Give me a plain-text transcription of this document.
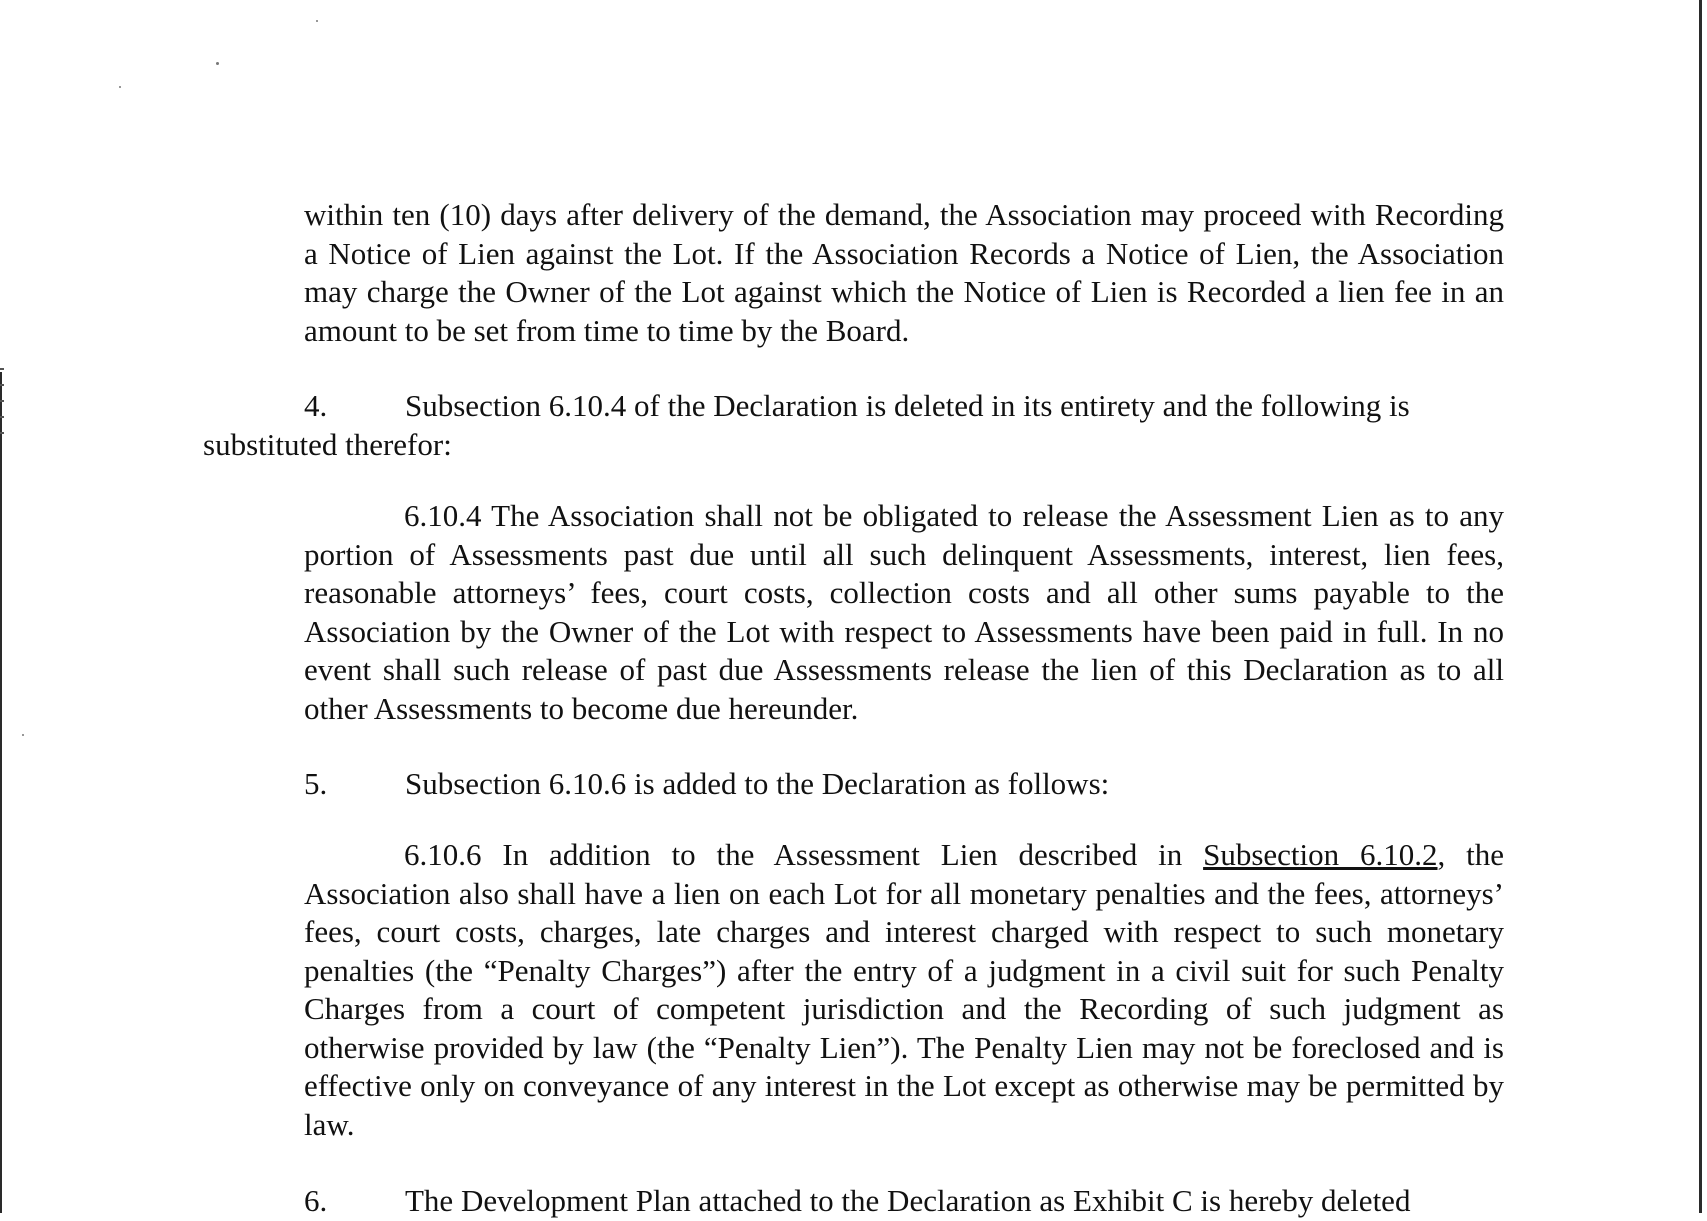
within ten (10) days after delivery of the demand, the Association may proceed with Recording a Notice of Lien against the Lot. If the Association Records a Notice of Lien, the Association may charge the Owner of the Lot against which the Notice of Lien is Recorded a lien fee in an amount to be set from time to time by the Board.

4.	Subsection 6.10.4 of the Declaration is deleted in its entirety and the following is

substituted therefor:

6.10.4 The Association shall not be obligated to release the Assessment Lien as to any portion of Assessments past due until all such delinquent Assessments, interest, lien fees, reasonable attorneys’ fees, court costs, collection costs and all other sums payable to the Association by the Owner of the Lot with respect to Assessments have been paid in full. In no event shall such release of past due Assessments release the lien of this Declaration as to all other Assessments to become due hereunder.

5.	Subsection 6.10.6 is added to the Declaration as follows:

6.10.6 In addition to the Assessment Lien described in Subsection 6.10.2, the Association also shall have a lien on each Lot for all monetary penalties and the fees, attorneys’ fees, court costs, charges, late charges and interest charged with respect to such monetary penalties (the “Penalty Charges”) after the entry of a judgment in a civil suit for such Penalty Charges from a court of competent jurisdiction and the Recording of such judgment as otherwise provided by law (the “Penalty Lien”). The Penalty Lien may not be foreclosed and is effective only on conveyance of any interest in the Lot except as otherwise may be permitted by law.

6.	The Development Plan attached to the Declaration as Exhibit C is hereby deleted
